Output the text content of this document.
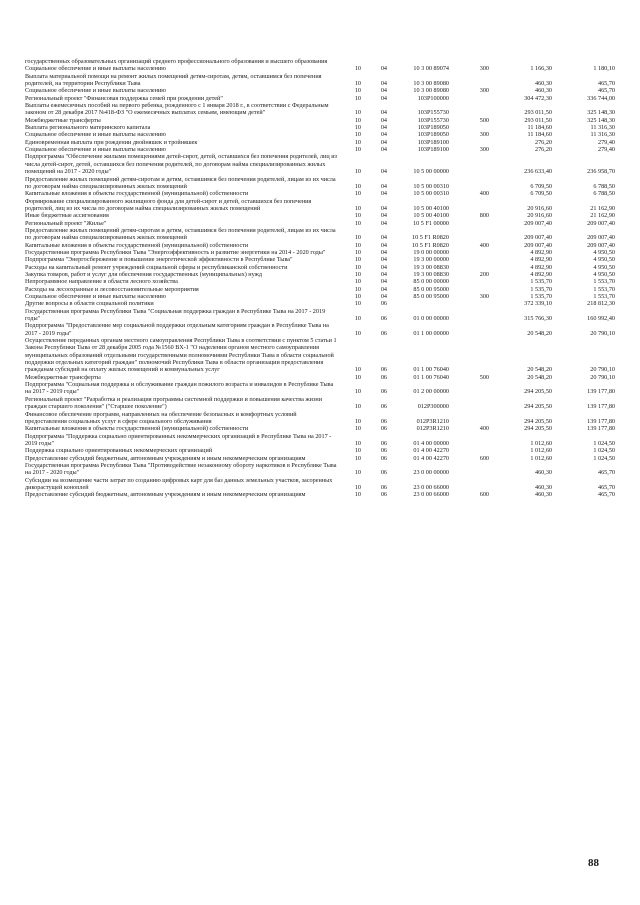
государственных образовательных организаций среднего профессионального образования и высшего образования
Социальное обеспечение и иные выплаты населению	10	04	10 3 00 89074	300	1 166,30	1 180,10
Выплата материальной помощи на ремонт жилых помещений детям-сиротам, детям, оставшимся без попечения родителей, на территории Республики Тыва	10	04	10 3 00 89080	460,30	465,70
Социальное обеспечение и иные выплаты населению	10	04	10 3 00 89080	300	460,30	465,70
Региональный проект "Финансовая поддержка семей при рождении детей"	10	04	103P100000	304 472,30	336 744,00
Выплаты ежемесячных пособий на первого ребенка, рожденного с 1 января 2018 г., в соответствии с Федеральным законом от 28 декабря 2017 №418-ФЗ "О ежемесячных выплатах семьям, имеющим детей"	10	04	103P155730	293 011,50	325 148,30
Межбюджетные трансферты	10	04	103P155730	500	293 011,50	325 148,30
Выплата регионального материнского капитала	10	04	103P189050	11 184,60	11 316,30
Социальное обеспечение и иные выплаты населению	10	04	103P189050	300	11 184,60	11 316,30
Единовременная выплата при рождении двойняшек и тройняшек	10	04	103P189100	276,20	279,40
Социальное обеспечение и иные выплаты населению	10	04	103P189100	300	276,20	279,40
Подпрограмма "Обеспечение жилыми помещениями детей-сирот, детей, оставшихся без попечения родителей, лиц из числа детей-сирот, детей, оставшихся без попечения родителей, по договорам найма специализированных жилых помещений на 2017 - 2020 годы"	10	04	10 5 00 00000	236 633,40	236 958,70
Предоставление жилых помещений детям-сиротам и детям, оставшимся без попечения родителей, лицам из их числа по договорам найма специализированных жилых помещений	10	04	10 5 00 00310	6 709,50	6 788,50
Капитальные вложения в объекты государственной (муниципальной) собственности	10	04	10 5 00 00310	400	6 709,50	6 788,50
Формирование специализированного жилищного фонда для детей-сирот и детей, оставшихся без попечения родителей, лиц из их числа по договорам найма специализированных жилых помещений	10	04	10 5 00 40100	20 916,60	21 162,90
Иные бюджетные ассигнования	10	04	10 5 00 40100	800	20 916,60	21 162,90
Региональный проект "Жилье"	10	04	10 5 F1 00000	209 007,40	209 007,40
Предоставление жилых помещений детям-сиротам и детям, оставшимся без попечения родителей, лицам из их числа по договорам найма специализированных жилых помещений	10	04	10 5 F1 R0820	209 007,40	209 007,40
Капитальные вложения в объекты государственной (муниципальной) собственности	10	04	10 5 F1 R0820	400	209 007,40	209 007,40
Государственная программа Республики Тыва "Энергоэффективность и развитие энергетики на 2014 - 2020 годы"	10	04	19 0 00 00000	4 892,90	4 950,50
Подпрограмма "Энергосбережение и повышение энергетической эффективности в Республике Тыва"	10	04	19 3 00 00000	4 892,90	4 950,50
Расходы на капитальный ремонт учреждений социальной сферы и республиканской собственности	10	04	19 3 00 08830	4 892,90	4 950,50
Закупка товаров, работ и услуг для обеспечения государственных (муниципальных) нужд	10	04	19 3 00 08830	200	4 892,90	4 950,50
Непрограммное направление в области лесного хозяйства	10	04	85 0 00 00000	1 535,70	1 553,70
Расходы на лесоохранные и лесовосстановительные мероприятия	10	04	85 0 00 95000	1 535,70	1 553,70
Социальное обеспечение и иные выплаты населению	10	04	85 0 00 95000	300	1 535,70	1 553,70
Другие вопросы в области социальной политики	10	06	372 339,10	218 812,30
Государственная программа Республики Тыва "Социальная поддержка граждан в Республике Тыва на 2017 - 2019 годы"	10	06	01 0 00 00000	315 766,30	160 992,40
Подпрограмма "Предоставление мер социальной поддержки отдельным категориям граждан в Республике Тыва на 2017 - 2019 годы"	10	06	01 1 00 00000	20 548,20	20 790,10
Осуществление переданных органам местного самоуправления Республики Тыва в соответствии с пунктом 5 статьи 1 Закона Республики Тыва от 28 декабря 2005 года №1560 ВХ-1 "О наделении органов местного самоуправления муниципальных образований отдельными государственными полномочиями Республики Тыва в области социальной поддержки отдельных категорий граждан" полномочий Республики Тыва в области организации предоставления гражданам субсидий на оплату жилых помещений и коммунальных услуг	10	06	01 1 00 76040	20 548,20	20 790,10
Межбюджетные трансферты	10	06	01 1 00 76040	500	20 548,20	20 790,10
Подпрограмма "Социальная поддержка и обслуживание граждан пожилого возраста и инвалидов в Республике Тыва на 2017 - 2019 годы"	10	06	01 2 00 00000	294 205,50	139 177,80
Региональный проект "Разработка и реализация программы системной поддержки и повышения качества жизни граждан старшего поколения" ("Старшее поколение")	10	06	012P300000	294 205,50	139 177,80
Финансовое обеспечение программ, направленных на обеспечение безопасных и комфортных условий предоставления социальных услуг в сфере социального обслуживания	10	06	012P3R1210	294 205,50	139 177,80
Капитальные вложения в объекты государственной (муниципальной) собственности	10	06	012P3R1210	400	294 205,50	139 177,80
Подпрограмма "Поддержка социально ориентированных некоммерческих организаций в Республике Тыва на 2017 - 2019 годы"	10	06	01 4 00 00000	1 012,60	1 024,50
Поддержка социально ориентированных некоммерческих организаций	10	06	01 4 00 42270	1 012,60	1 024,50
Предоставление субсидий бюджетным, автономным учреждениям и иным некоммерческим организациям	10	06	01 4 00 42270	600	1 012,60	1 024,50
Государственная программа Республики Тыва "Противодействие незаконному обороту наркотиков в Республике Тыва на 2017 - 2020 годы"	10	06	23 0 00 00000	460,30	465,70
Субсидии на возмещение части затрат по созданию цифровых карт для баз данных земельных участков, засоренных дикорастущей коноплей	10	06	23 0 00 66000	460,30	465,70
Предоставление субсидий бюджетным, автономным учреждениям и иным некоммерческим организациям	10	06	23 0 00 66000	600	460,30	465,70
88
